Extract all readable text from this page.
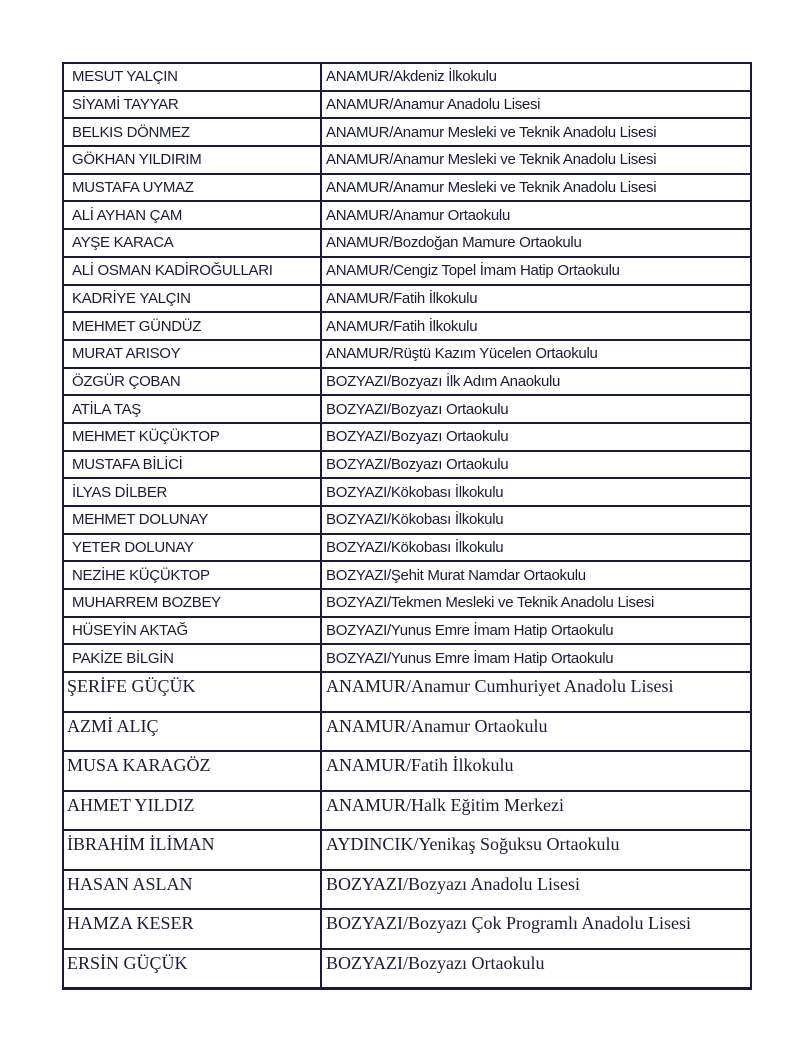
MESUT YALÇIN	ANAMUR/Akdeniz İlkokulu
SİYAMİ TAYYAR	ANAMUR/Anamur Anadolu Lisesi
BELKIS DÖNMEZ	ANAMUR/Anamur Mesleki ve Teknik Anadolu Lisesi
GÖKHAN YILDIRIM	ANAMUR/Anamur Mesleki ve Teknik Anadolu Lisesi
MUSTAFA UYMAZ	ANAMUR/Anamur Mesleki ve Teknik Anadolu Lisesi
ALİ AYHAN ÇAM	ANAMUR/Anamur Ortaokulu
AYŞE KARACA	ANAMUR/Bozdoğan Mamure Ortaokulu
ALİ OSMAN KADİROĞULLARI	ANAMUR/Cengiz Topel İmam Hatip Ortaokulu
KADRİYE YALÇIN	ANAMUR/Fatih İlkokulu
MEHMET GÜNDÜZ	ANAMUR/Fatih İlkokulu
MURAT ARISOY	ANAMUR/Rüştü Kazım Yücelen Ortaokulu
ÖZGÜR ÇOBAN	BOZYAZI/Bozyazı İlk Adım Anaokulu
ATİLA TAŞ	BOZYAZI/Bozyazı Ortaokulu
MEHMET KÜÇÜKTOP	BOZYAZI/Bozyazı Ortaokulu
MUSTAFA BİLİCİ	BOZYAZI/Bozyazı Ortaokulu
İLYAS DİLBER	BOZYAZI/Kökobası İlkokulu
MEHMET DOLUNAY	BOZYAZI/Kökobası İlkokulu
YETER DOLUNAY	BOZYAZI/Kökobası İlkokulu
NEZİHE KÜÇÜKTOP	BOZYAZI/Şehit Murat Namdar Ortaokulu
MUHARREM BOZBEY	BOZYAZI/Tekmen Mesleki ve Teknik Anadolu Lisesi
HÜSEYİN AKTAĞ	BOZYAZI/Yunus Emre İmam Hatip Ortaokulu
PAKİZE BİLGİN	BOZYAZI/Yunus Emre İmam Hatip Ortaokulu
ŞERİFE GÜÇÜK	ANAMUR/Anamur Cumhuriyet Anadolu Lisesi
AZMİ ALIÇ	ANAMUR/Anamur Ortaokulu
MUSA KARAGÖZ	ANAMUR/Fatih İlkokulu
AHMET YILDIZ	ANAMUR/Halk Eğitim Merkezi
İBRAHİM İLİMAN	AYDINCIK/Yenikaş Soğuksu Ortaokulu
HASAN ASLAN	BOZYAZI/Bozyazı Anadolu Lisesi
HAMZA KESER	BOZYAZI/Bozyazı Çok Programlı Anadolu Lisesi
ERSİN GÜÇÜK	BOZYAZI/Bozyazı Ortaokulu
